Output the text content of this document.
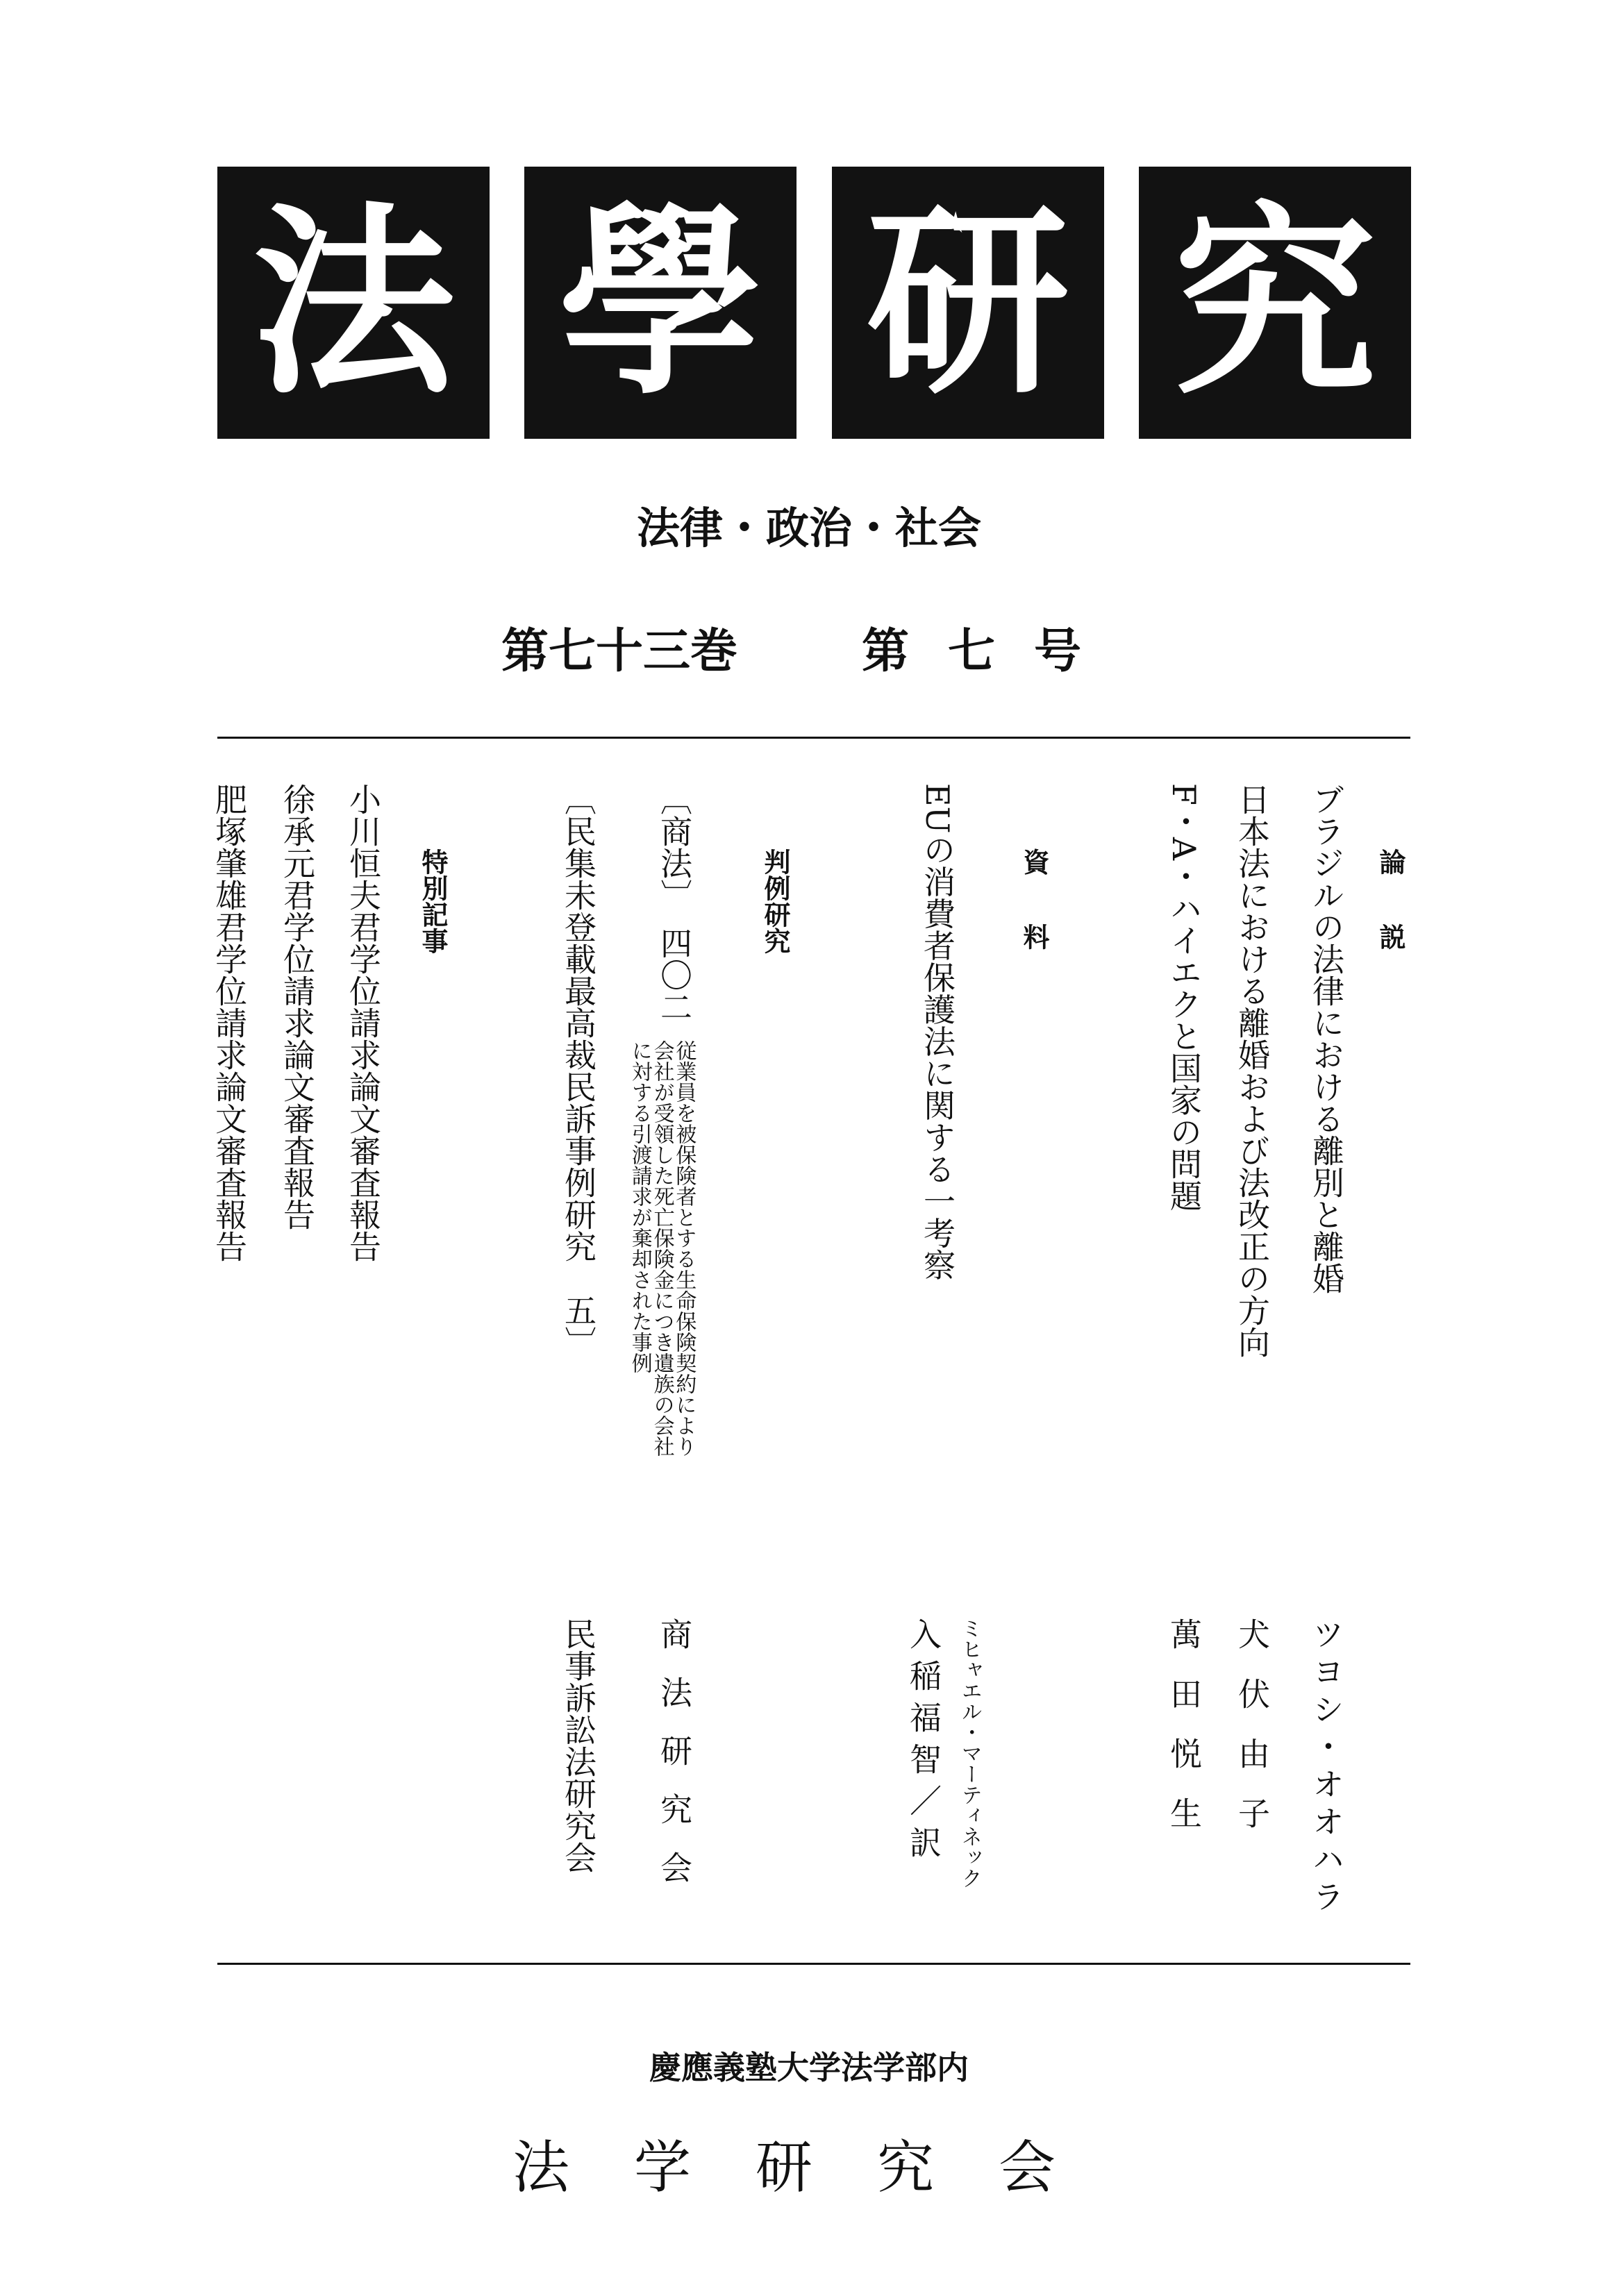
法 學 研 究
法律・政治・社会
第七十三巻	第七号
論説
ブラジルの法律における離別と離婚
ツヨシ・オオハラ
日本法における離婚および法改正の方向
犬伏由子
F・A・ハイエクと国家の問題
萬田悦生
資料
EUの消費者保護法に関する一考察
ミヒャエル・マーティネック
入稲福智／訳
判例研究
〔商法〕　四〇二
従業員を被保険者とする生命保険契約により
会社が受領した死亡保険金につき遺族の会社
に対する引渡請求が棄却された事例
商法研究会
〔民集未登載最高裁民訴事例研究　五〕
民事訴訟法研究会
特別記事
小川恒夫君学位請求論文審査報告
徐承元君学位請求論文審査報告
肥塚肇雄君学位請求論文審査報告
慶應義塾大学法学部内
法学研究会
